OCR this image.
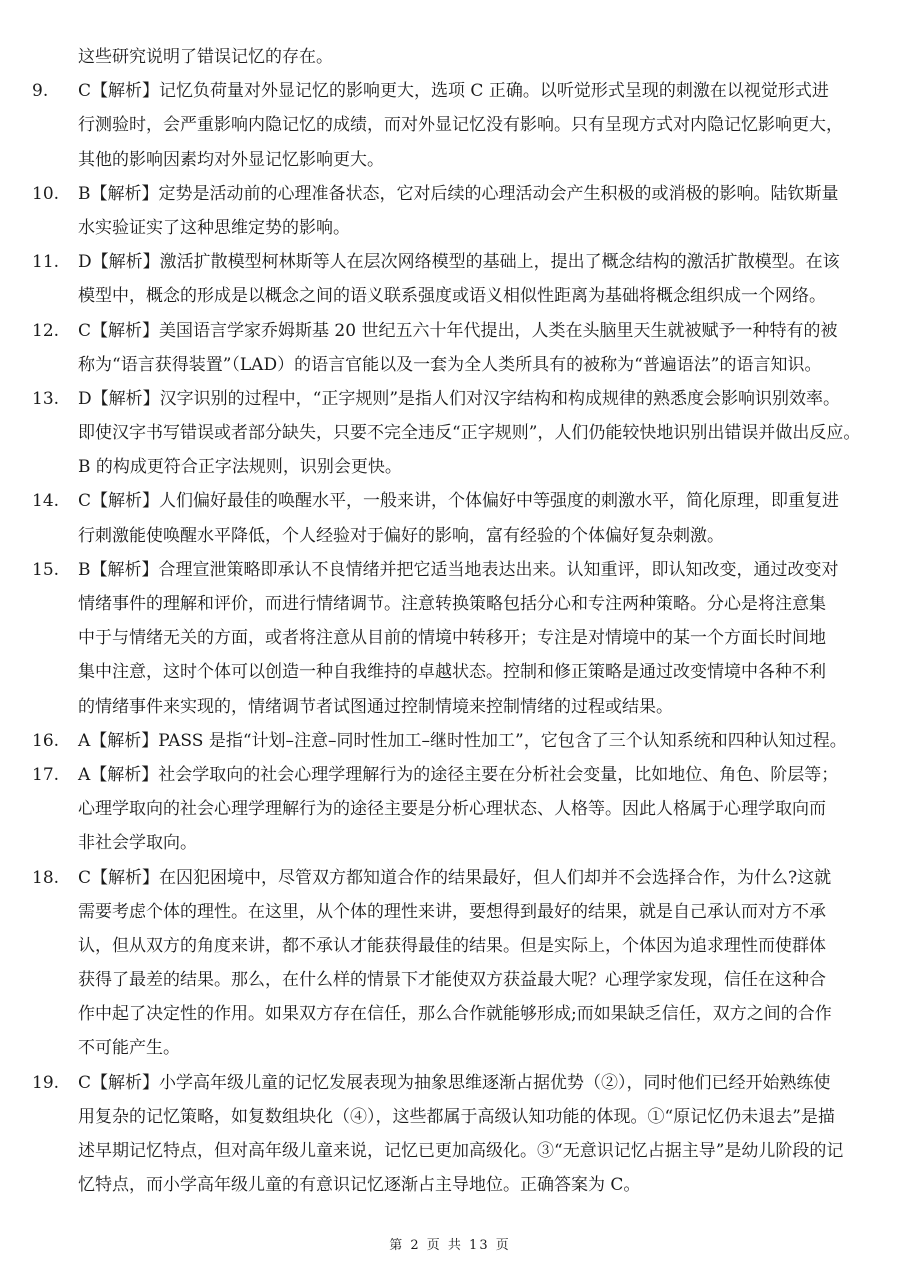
这些研究说明了错误记忆的存在。
9. C【解析】记忆负荷量对外显记忆的影响更大，选项 C 正确。以听觉形式呈现的刺激在以视觉形式进
行测验时，会严重影响内隐记忆的成绩，而对外显记忆没有影响。只有呈现方式对内隐记忆影响更大，
其他的影响因素均对外显记忆影响更大。
10. B【解析】定势是活动前的心理准备状态，它对后续的心理活动会产生积极的或消极的影响。陆钦斯量
水实验证实了这种思维定势的影响。
11. D【解析】激活扩散模型柯林斯等人在层次网络模型的基础上，提出了概念结构的激活扩散模型。在该
模型中，概念的形成是以概念之间的语义联系强度或语义相似性距离为基础将概念组织成一个网络。
12. C【解析】美国语言学家乔姆斯基 20 世纪五六十年代提出，人类在头脑里天生就被赋予一种特有的被
称为“语言获得装置”（LAD）的语言官能以及一套为全人类所具有的被称为“普遍语法”的语言知识。
13. D【解析】汉字识别的过程中，“正字规则”是指人们对汉字结构和构成规律的熟悉度会影响识别效率。
即使汉字书写错误或者部分缺失，只要不完全违反“正字规则”，人们仍能较快地识别出错误并做出反应。
B 的构成更符合正字法规则，识别会更快。
14. C【解析】人们偏好最佳的唤醒水平，一般来讲，个体偏好中等强度的刺激水平，简化原理，即重复进
行刺激能使唤醒水平降低，个人经验对于偏好的影响，富有经验的个体偏好复杂刺激。
15. B【解析】合理宣泄策略即承认不良情绪并把它适当地表达出来。认知重评，即认知改变，通过改变对
情绪事件的理解和评价，而进行情绪调节。注意转换策略包括分心和专注两种策略。分心是将注意集
中于与情绪无关的方面，或者将注意从目前的情境中转移开；专注是对情境中的某一个方面长时间地
集中注意，这时个体可以创造一种自我维持的卓越状态。控制和修正策略是通过改变情境中各种不利
的情绪事件来实现的，情绪调节者试图通过控制情境来控制情绪的过程或结果。
16. A【解析】PASS 是指“计划–注意–同时性加工–继时性加工”，它包含了三个认知系统和四种认知过程。
17. A【解析】社会学取向的社会心理学理解行为的途径主要在分析社会变量，比如地位、角色、阶层等；
心理学取向的社会心理学理解行为的途径主要是分析心理状态、人格等。因此人格属于心理学取向而
非社会学取向。
18. C【解析】在囚犯困境中，尽管双方都知道合作的结果最好，但人们却并不会选择合作，为什么?这就
需要考虑个体的理性。在这里，从个体的理性来讲，要想得到最好的结果，就是自己承认而对方不承
认，但从双方的角度来讲，都不承认才能获得最佳的结果。但是实际上，个体因为追求理性而使群体
获得了最差的结果。那么，在什么样的情景下才能使双方获益最大呢？心理学家发现，信任在这种合
作中起了决定性的作用。如果双方存在信任，那么合作就能够形成;而如果缺乏信任，双方之间的合作
不可能产生。
19. C【解析】小学高年级儿童的记忆发展表现为抽象思维逐渐占据优势（②），同时他们已经开始熟练使
用复杂的记忆策略，如复数组块化（④），这些都属于高级认知功能的体现。①“原记忆仍未退去”是描
述早期记忆特点，但对高年级儿童来说，记忆已更加高级化。③“无意识记忆占据主导”是幼儿阶段的记
忆特点，而小学高年级儿童的有意识记忆逐渐占主导地位。正确答案为 C。
第 2 页 共 13 页
